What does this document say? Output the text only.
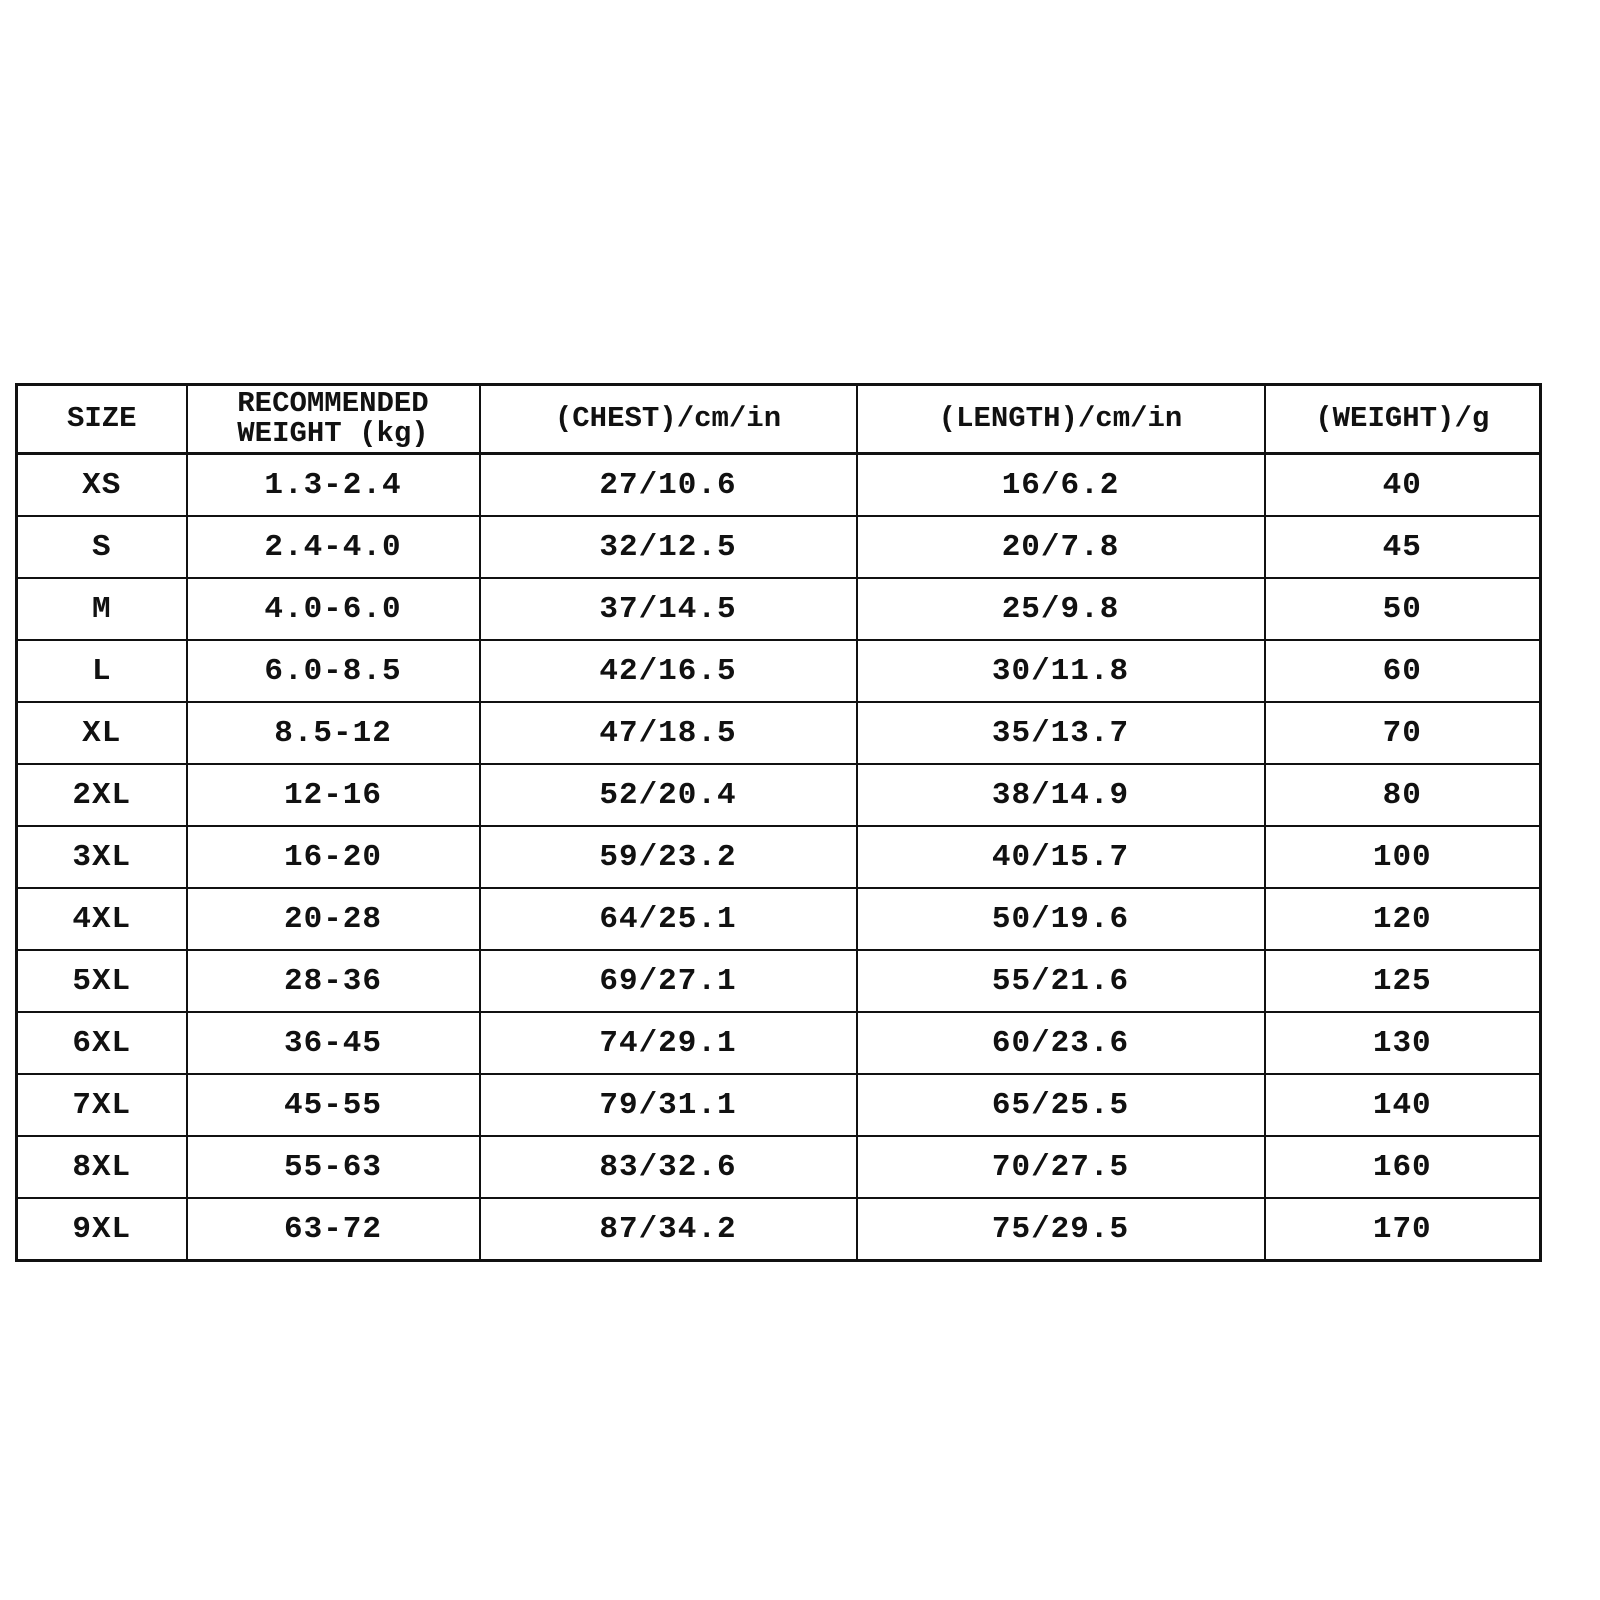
SIZE	RECOMMENDED WEIGHT (kg)	(CHEST)/cm/in	(LENGTH)/cm/in	(WEIGHT)/g
XS	1.3-2.4	27/10.6	16/6.2	40
S	2.4-4.0	32/12.5	20/7.8	45
M	4.0-6.0	37/14.5	25/9.8	50
L	6.0-8.5	42/16.5	30/11.8	60
XL	8.5-12	47/18.5	35/13.7	70
2XL	12-16	52/20.4	38/14.9	80
3XL	16-20	59/23.2	40/15.7	100
4XL	20-28	64/25.1	50/19.6	120
5XL	28-36	69/27.1	55/21.6	125
6XL	36-45	74/29.1	60/23.6	130
7XL	45-55	79/31.1	65/25.5	140
8XL	55-63	83/32.6	70/27.5	160
9XL	63-72	87/34.2	75/29.5	170
